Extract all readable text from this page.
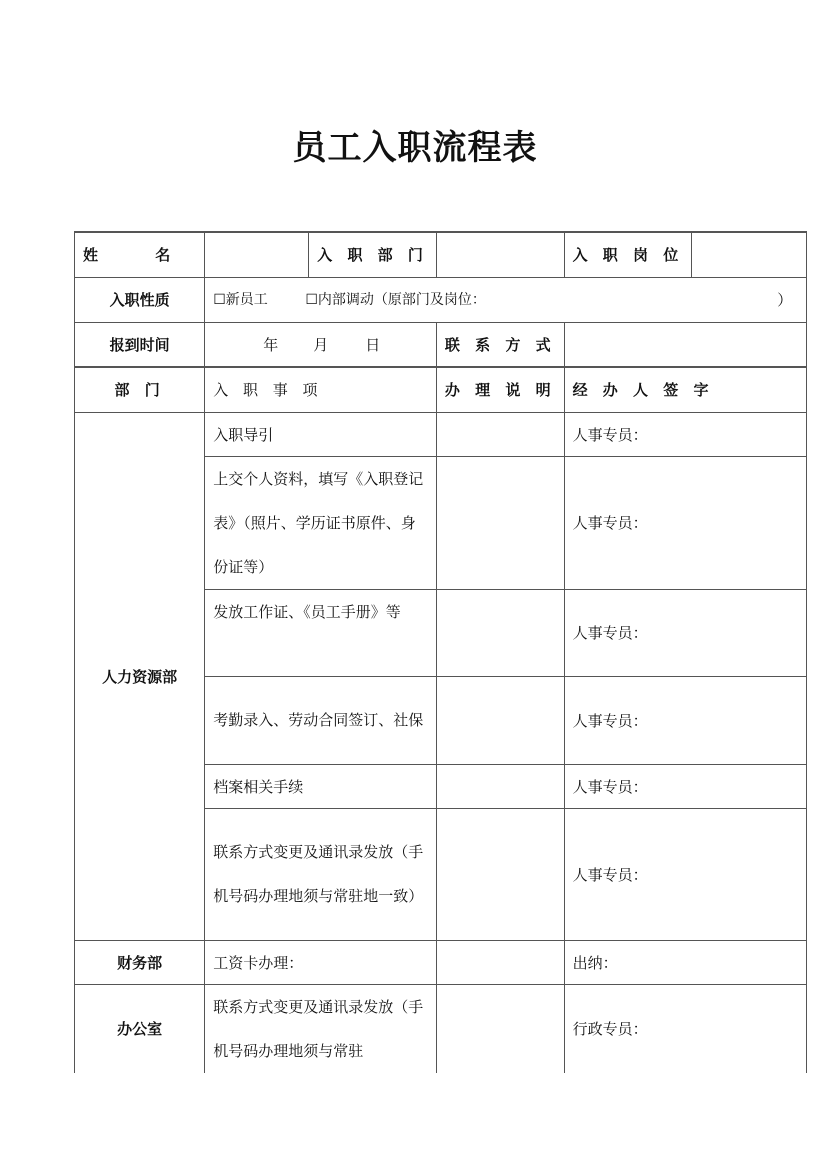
员工入职流程表
姓 名		入 职 部 门		入 职 岗 位	
入职性质	☐新员工 ☐内部调动（原部门及岗位： ）				

报到时间	年 月 日		联 系 方 式		
部 门	入 职 事 项		办 理 说 明	经 办 人 签 字	
人力资源部	入职导引			人事专员：	
	上交个人资料，填写《入职登记表》（照片、学历证书原件、身份证等）			人事专员：	
	发放工作证、《员工手册》等			人事专员：	
	考勤录入、劳动合同签订、社保			人事专员：	
	档案相关手续			人事专员：	
	联系方式变更及通讯录发放（手机号码办理地须与常驻地一致）			人事专员：	
财务部	工资卡办理：			出纳：	
办公室	联系方式变更及通讯录发放（手机号码办理地须与常驻			行政专员：	
